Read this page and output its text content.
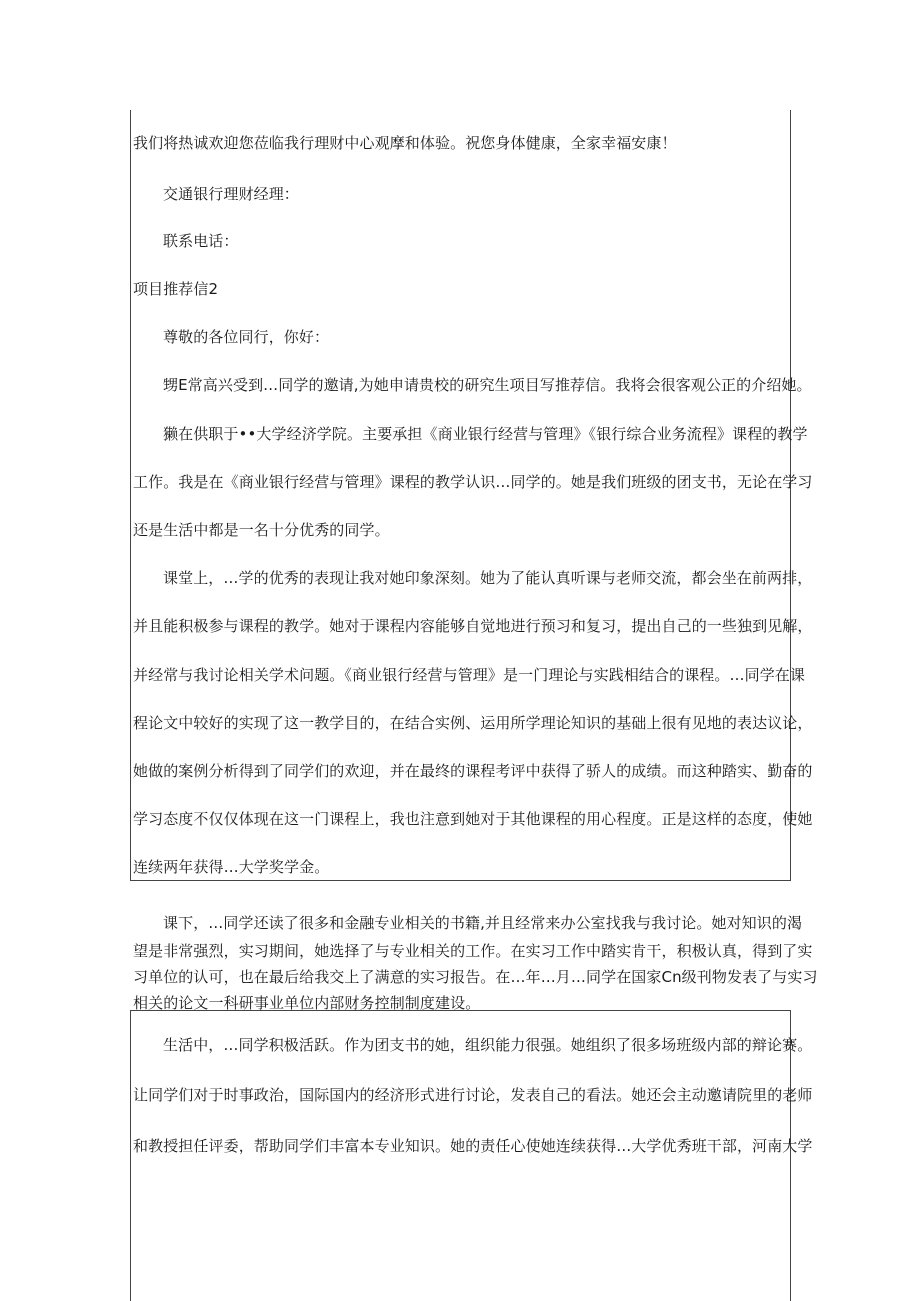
我们将热诚欢迎您莅临我行理财中心观摩和体验。祝您身体健康，全家幸福安康！
交通银行理财经理：
联系电话：
项目推荐信2
尊敬的各位同行，你好：
甥E常高兴受到…同学的邀请,为她申请贵校的研究生项目写推荐信。我将会很客观公正的介绍她。
獭在供职于••大学经济学院。主要承担《商业银行经营与管理》《银行综合业务流程》课程的教学
工作。我是在《商业银行经营与管理》课程的教学认识…同学的。她是我们班级的团支书，无论在学习
还是生活中都是一名十分优秀的同学。
课堂上，…学的优秀的表现让我对她印象深刻。她为了能认真听课与老师交流，都会坐在前两排，
并且能积极参与课程的教学。她对于课程内容能够自觉地进行预习和复习，提出自己的一些独到见解，
并经常与我讨论相关学术问题。《商业银行经营与管理》是一门理论与实践相结合的课程。…同学在课
程论文中较好的实现了这一教学目的，在结合实例、运用所学理论知识的基础上很有见地的表达议论，
她做的案例分析得到了同学们的欢迎，并在最终的课程考评中获得了骄人的成绩。而这种踏实、勤奋的
学习态度不仅仅体现在这一门课程上，我也注意到她对于其他课程的用心程度。正是这样的态度，使她
连续两年获得…大学奖学金。
课下，…同学还读了很多和金融专业相关的书籍,并且经常来办公室找我与我讨论。她对知识的渴
望是非常强烈，实习期间，她选择了与专业相关的工作。在实习工作中踏实肯干，积极认真，得到了实
习单位的认可，也在最后给我交上了满意的实习报告。在…年…月…同学在国家Cn级刊物发表了与实习
相关的论文一科研事业单位内部财务控制制度建设。
生活中，…同学积极活跃。作为团支书的她，组织能力很强。她组织了很多场班级内部的辩论赛。
让同学们对于时事政治，国际国内的经济形式进行讨论，发表自己的看法。她还会主动邀请院里的老师
和教授担任评委，帮助同学们丰富本专业知识。她的责任心使她连续获得…大学优秀班干部，河南大学
